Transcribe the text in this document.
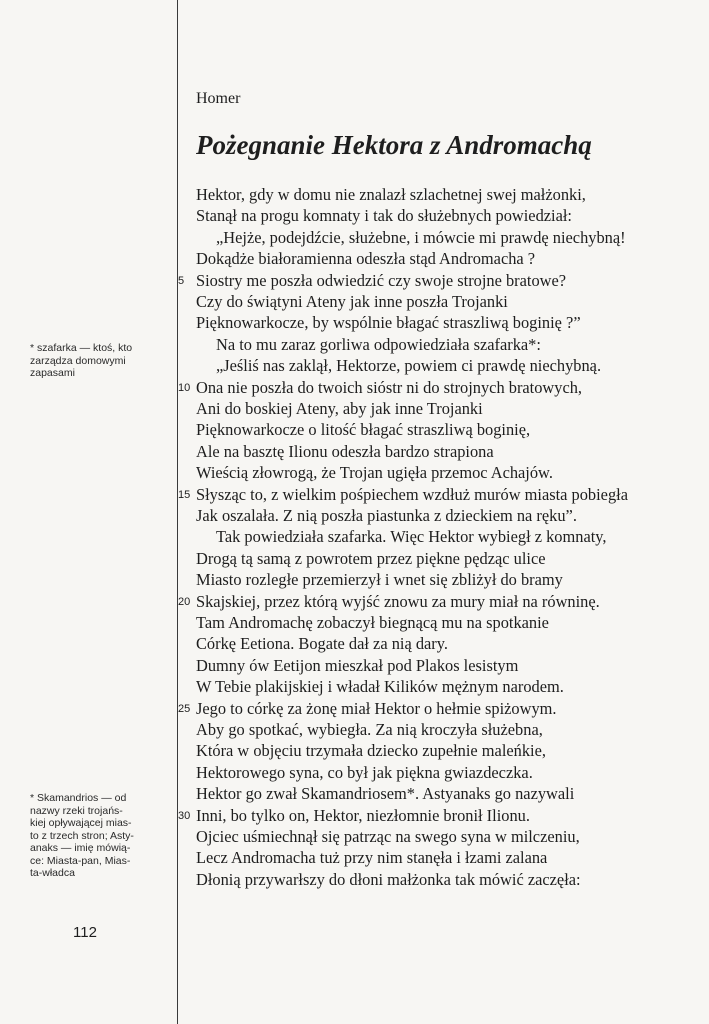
Homer
Pożegnanie Hektora z Andromachą
Hektor, gdy w domu nie znalazł szlachetnej swej małżonki,
Stanął na progu komnaty i tak do służebnych powiedział:
„Hejże, podejdźcie, służebne, i mówcie mi prawdę niechybną!
Dokądże białoramienna odeszła stąd Andromacha ?
5 Siostry me poszła odwiedzić czy swoje strojne bratowe?
Czy do świątyni Ateny jak inne poszła Trojanki
Pięknowarkocze, by wspólnie błagać straszliwą boginię ?”
Na to mu zaraz gorliwa odpowiedziała szafarka*:
„Jeśliś nas zaklął, Hektorze, powiem ci prawdę niechybną.
10 Ona nie poszła do twoich sióstr ni do strojnych bratowych,
Ani do boskiej Ateny, aby jak inne Trojanki
Pięknowarkocze o litość błagać straszliwą boginię,
Ale na basztę Ilionu odeszła bardzo strapiona
Wieścią złowrogą, że Trojan ugięła przemoc Achajów.
15 Słysząc to, z wielkim pośpiechem wzdłuż murów miasta pobiegła
Jak oszalała. Z nią poszła piastunka z dzieckiem na ręku”.
Tak powiedziała szafarka. Więc Hektor wybiegł z komnaty,
Drogą tą samą z powrotem przez piękne pędząc ulice
Miasto rozległe przemierzył i wnet się zbliżył do bramy
20 Skajskiej, przez którą wyjść znowu za mury miał na równinę.
Tam Andromachę zobaczył biegnącą mu na spotkanie
Córkę Eetiona. Bogate dał za nią dary.
Dumny ów Eetijon mieszkał pod Plakos lesistym
W Tebie plakijskiej i władał Kilików mężnym narodem.
25 Jego to córkę za żonę miał Hektor o hełmie spiżowym.
Aby go spotkać, wybiegła. Za nią kroczyła służebna,
Która w objęciu trzymała dziecko zupełnie maleńkie,
Hektorowego syna, co był jak piękna gwiazdeczka.
Hektor go zwał Skamandriosem*. Astyanaks go nazywali
30 Inni, bo tylko on, Hektor, niezłomnie bronił Ilionu.
Ojciec uśmiechnął się patrząc na swego syna w milczeniu,
Lecz Andromacha tuż przy nim stanęła i łzami zalana
Dłonią przywarłszy do dłoni małżonka tak mówić zaczęła:
* szafarka — ktoś, kto
zarządza domowymi
zapasami
* Skamandrios — od
nazwy rzeki trojańs-
kiej opływającej mias-
to z trzech stron; Asty-
anaks — imię mówią-
ce: Miasta-pan, Mias-
ta-władca
112
